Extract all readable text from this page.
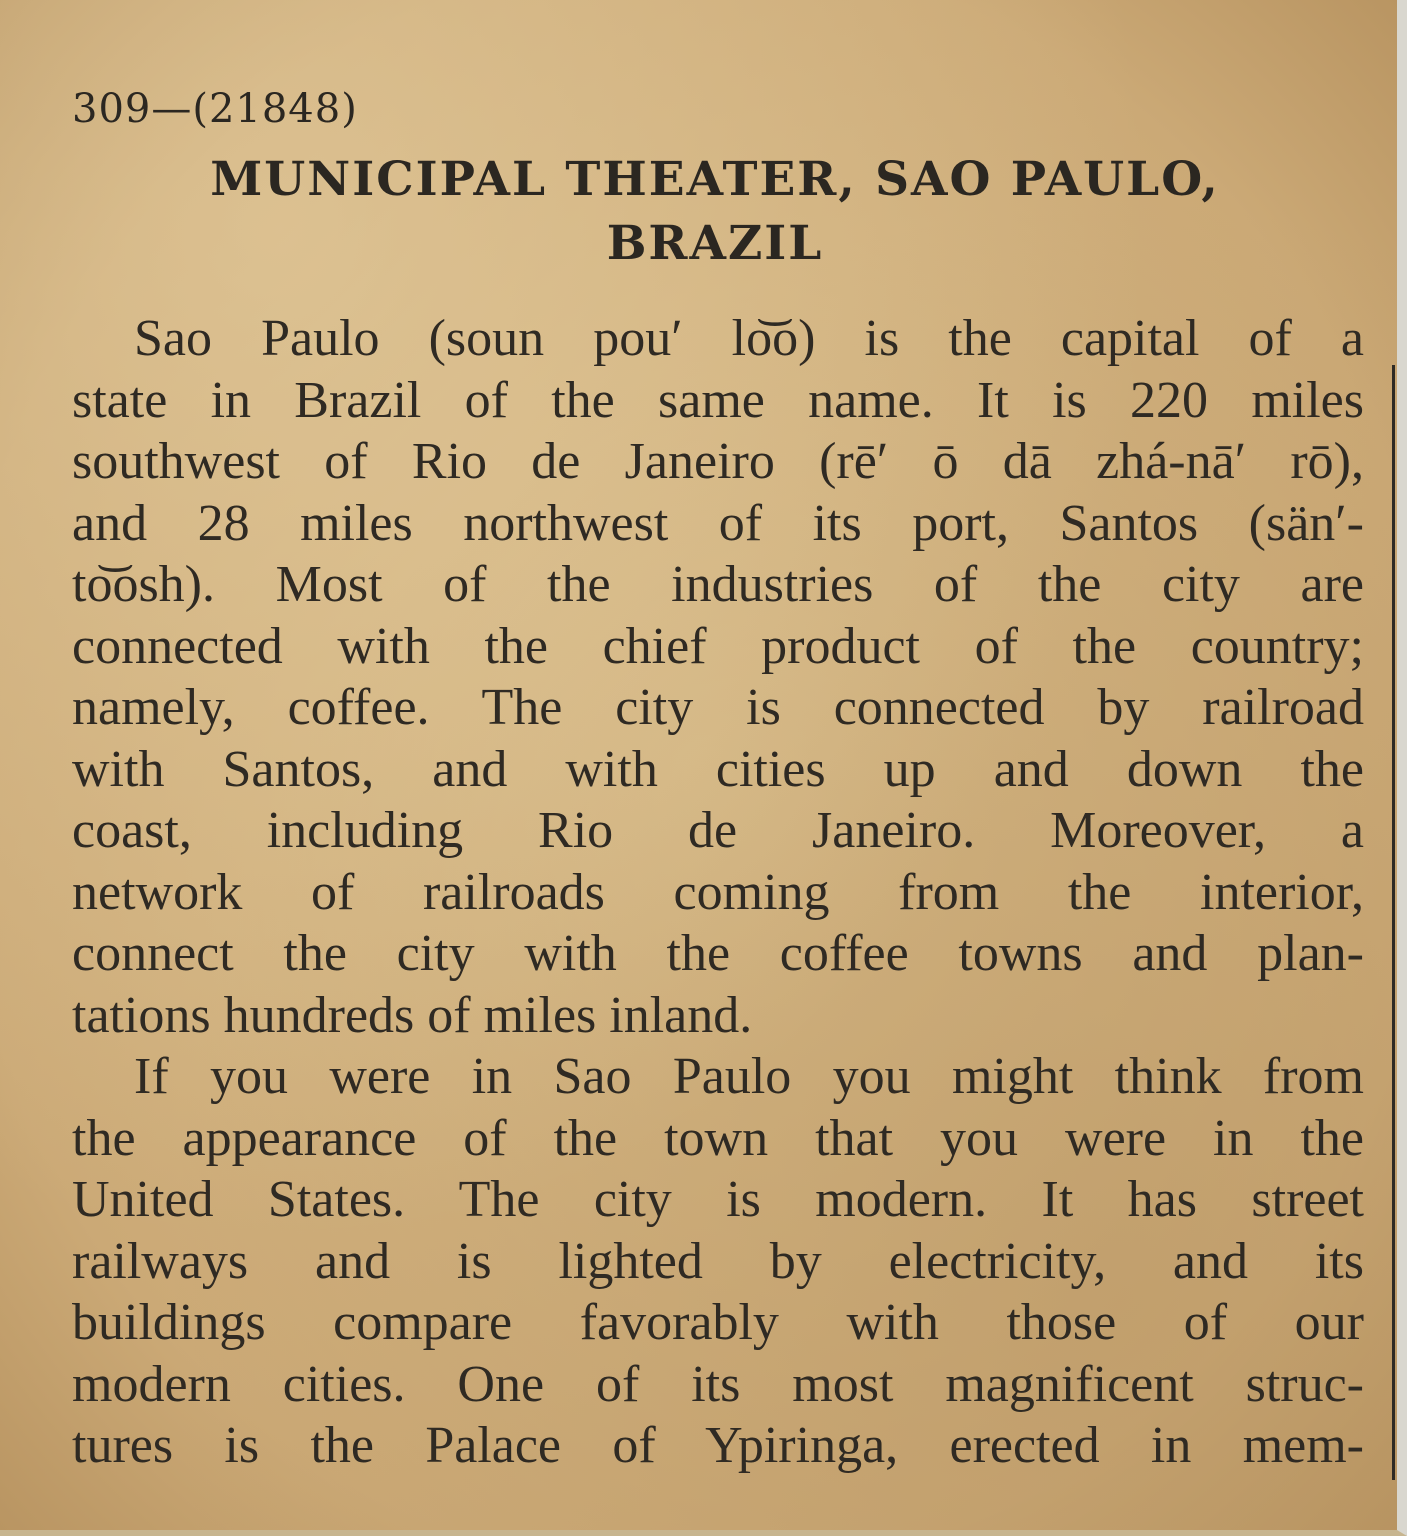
309—(21848)
MUNICIPAL THEATER, SAO PAULO,
BRAZIL
Sao Paulo (soun pou′ lo͝o) is the capital of a
state in Brazil of the same name. It is 220 miles
southwest of Rio de Janeiro (rē′ ō dā zhá-nā′ rō),
and 28 miles northwest of its port, Santos (sän′-
to͝osh). Most of the industries of the city are
connected with the chief product of the country;
namely, coffee. The city is connected by railroad
with Santos, and with cities up and down the
coast, including Rio de Janeiro. Moreover, a
network of railroads coming from the interior,
connect the city with the coffee towns and plan-
tations hundreds of miles inland.
If you were in Sao Paulo you might think from
the appearance of the town that you were in the
United States. The city is modern. It has street
railways and is lighted by electricity, and its
buildings compare favorably with those of our
modern cities. One of its most magnificent struc-
tures is the Palace of Ypiringa, erected in mem-
